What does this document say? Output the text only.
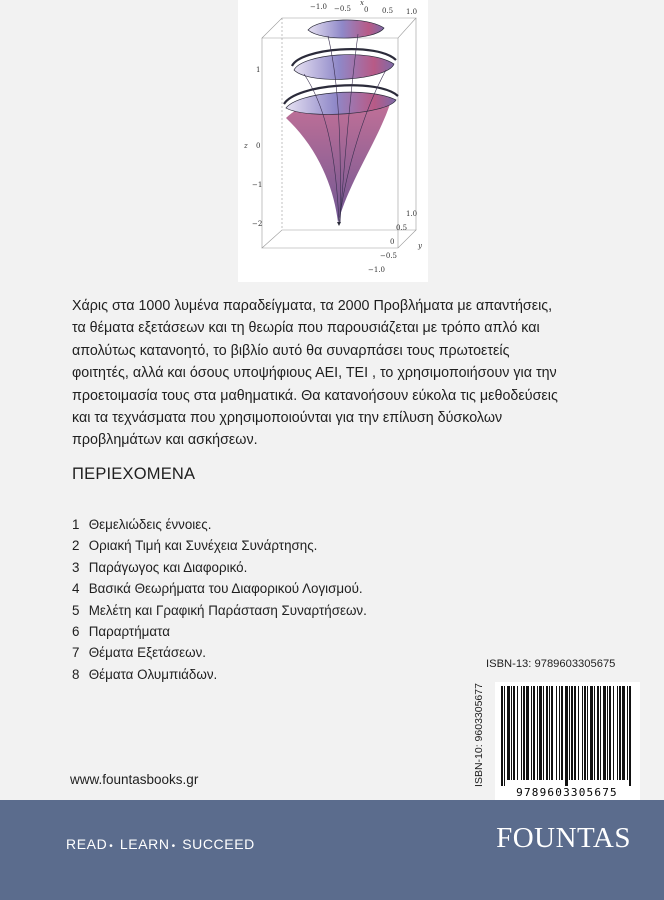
−1.0 −0.5 0 0.5 1.0
x
1
0
−1
−2
z
1.0
0.5
0
−0.5
−1.0
y

Χάρις στα 1000 λυμένα παραδείγματα, τα 2000 Προβλήματα με απαντήσεις,
τα θέματα εξετάσεων και τη θεωρία που παρουσιάζεται με τρόπο απλό και
απολύτως κατανοητό, το βιβλίο αυτό θα συναρπάσει τους πρωτοετείς
φοιτητές, αλλά και όσους υποψήφιους ΑΕΙ, ΤΕΙ , το χρησιμοποιήσουν για την
προετοιμασία τους στα μαθηματικά. Θα κατανοήσουν εύκολα τις μεθοδεύσεις
και τα τεχνάσματα που χρησιμοποιούνται για την επίλυση δύσκολων
προβλημάτων και ασκήσεων.

ΠΕΡΙΕΧΟΜΕΝΑ
1 Θεμελιώδεις έννοιες.
2 Οριακή Τιμή και Συνέχεια Συνάρτησης.
3 Παράγωγος και Διαφορικό.
4 Βασικά Θεωρήματα του Διαφορικού Λογισμού.
5 Μελέτη και Γραφική Παράσταση Συναρτήσεων.
6 Παραρτήματα
7 Θέματα Εξετάσεων.
8 Θέματα Ολυμπιάδων.
ISBN-13: 9789603305675
ISBN-10: 9603305677
9789603305675
www.fountasbooks.gr
READ • LEARN • SUCCEED	FOUNTAS
